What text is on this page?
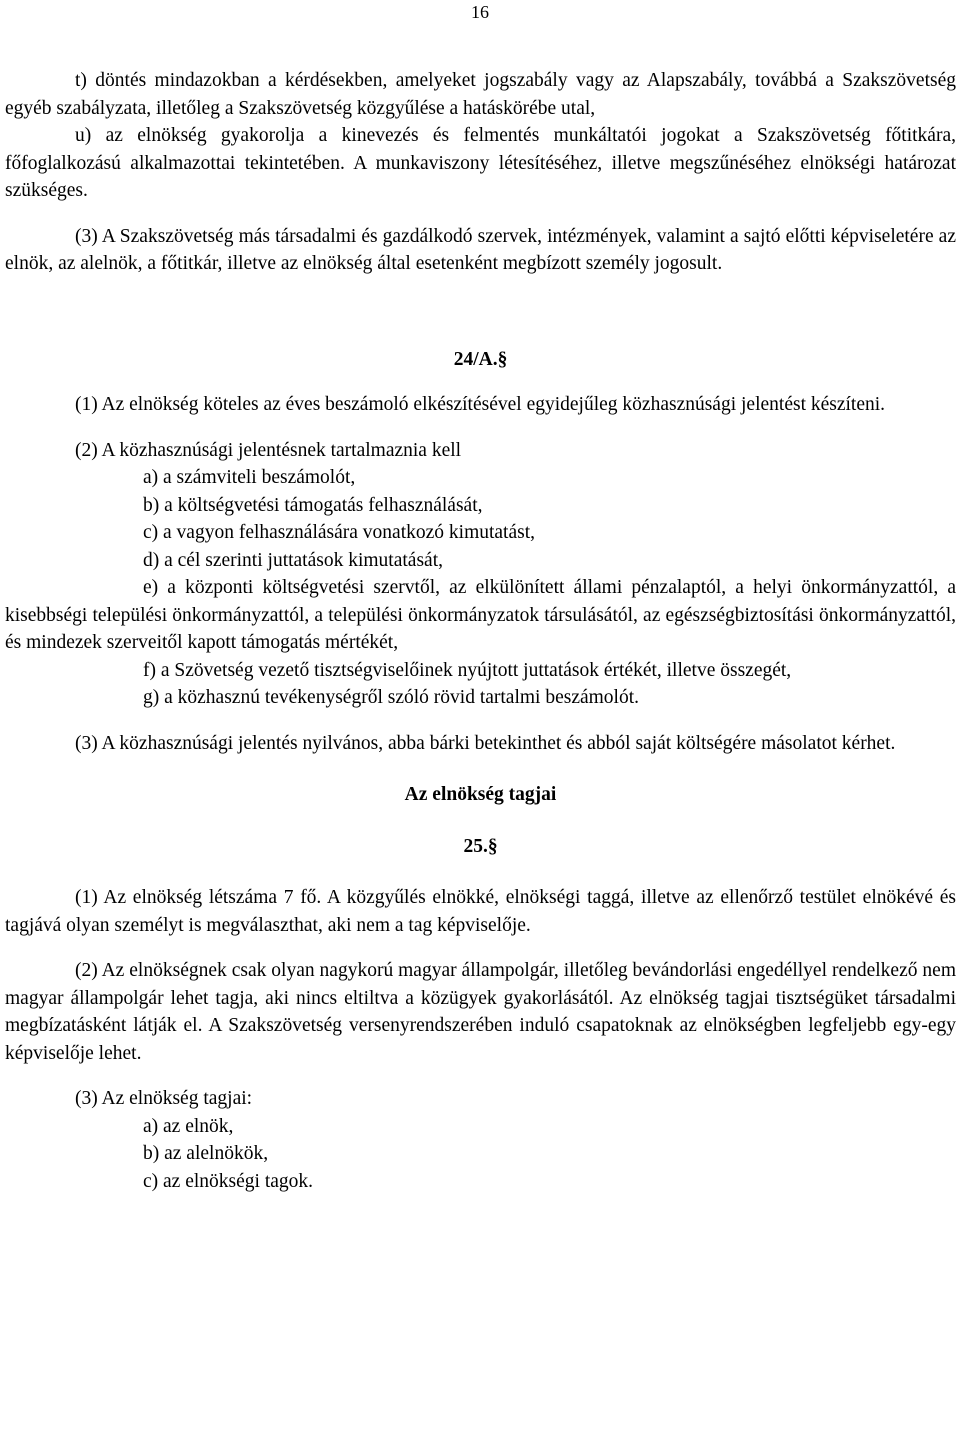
16

t) döntés mindazokban a kérdésekben, amelyeket jogszabály vagy az Alapszabály, továbbá a Szakszövetség egyéb szabályzata, illetőleg a Szakszövetség közgyűlése a hatáskörébe utal,

u) az elnökség gyakorolja a kinevezés és felmentés munkáltatói jogokat a Szakszövetség főtitkára, főfoglalkozású alkalmazottai tekintetében. A munkaviszony létesítéséhez, illetve megszűnéséhez elnökségi határozat szükséges.

(3) A Szakszövetség más társadalmi és gazdálkodó szervek, intézmények, valamint a sajtó előtti képviseletére az elnök, az alelnök, a főtitkár, illetve az elnökség által esetenként megbízott személy jogosult.

24/A.§

(1) Az elnökség köteles az éves beszámoló elkészítésével egyidejűleg közhasznúsági jelentést készíteni.

(2) A közhasznúsági jelentésnek tartalmaznia kell

a) a számviteli beszámolót,

b) a költségvetési támogatás felhasználását,

c) a vagyon felhasználására vonatkozó kimutatást,

d) a cél szerinti juttatások kimutatását,

e) a központi költségvetési szervtől, az elkülönített állami pénzalaptól, a helyi önkormányzattól, a kisebbségi települési önkormányzattól, a települési önkormányzatok társulásától, az egészségbiztosítási önkormányzattól, és mindezek szerveitől kapott támogatás mértékét,

f) a Szövetség vezető tisztségviselőinek nyújtott juttatások értékét, illetve összegét,

g) a közhasznú tevékenységről szóló rövid tartalmi beszámolót.

(3) A közhasznúsági jelentés nyilvános, abba bárki betekinthet és abból saját költségére másolatot kérhet.

Az elnökség tagjai

25.§

(1) Az elnökség létszáma 7 fő. A közgyűlés elnökké, elnökségi taggá, illetve az ellenőrző testület elnökévé és tagjává olyan személyt is megválaszthat, aki nem a tag képviselője.

(2) Az elnökségnek csak olyan nagykorú magyar állampolgár, illetőleg bevándorlási engedéllyel rendelkező nem magyar állampolgár lehet tagja, aki nincs eltiltva a közügyek gyakorlásától. Az elnökség tagjai tisztségüket társadalmi megbízatásként látják el. A Szakszövetség versenyrendszerében induló csapatoknak az elnökségben legfeljebb egy-egy képviselője lehet.

(3) Az elnökség tagjai:

a) az elnök,

b) az alelnökök,

c) az elnökségi tagok.
